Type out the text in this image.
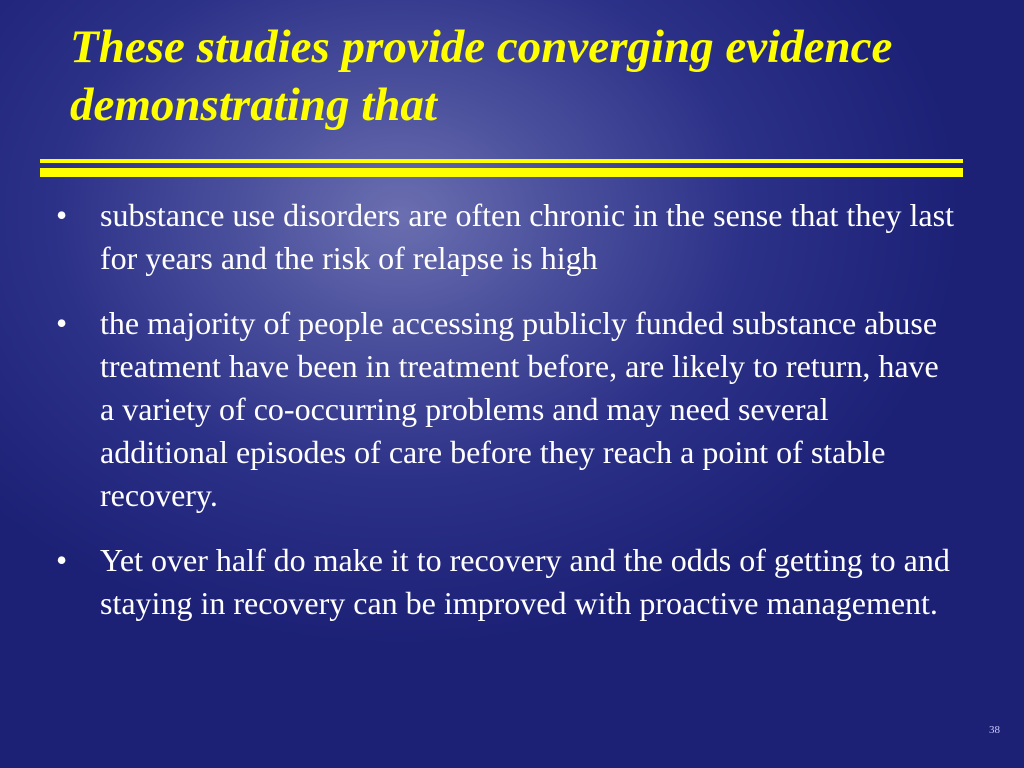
These studies provide converging evidence demonstrating that
• substance use disorders are often chronic in the sense that they last for years and the risk of relapse is high
• the majority of people accessing publicly funded substance abuse treatment have been in treatment before, are likely to return, have a variety of co-occurring problems and may need several additional episodes of care before they reach a point of stable recovery.
• Yet over half do make it to recovery and the odds of getting to and staying in recovery can be improved with proactive management.
38
